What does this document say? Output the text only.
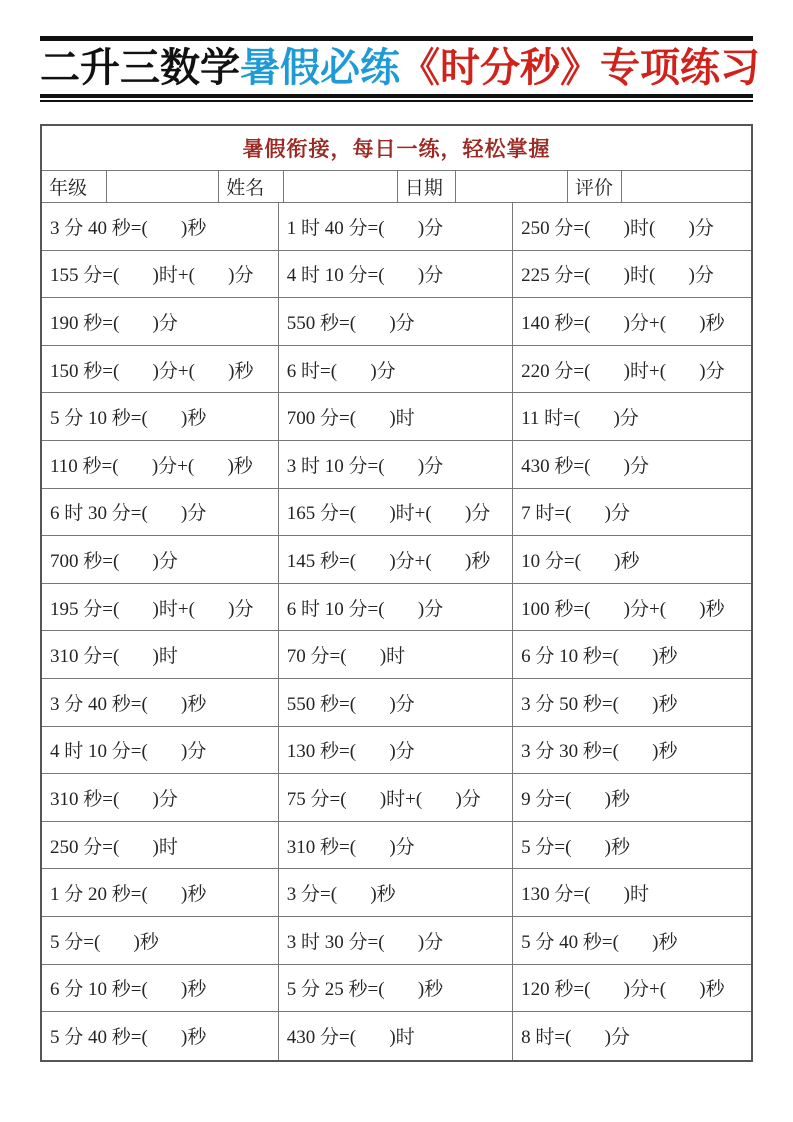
二升三数学暑假必练《时分秒》专项练习
暑假衔接，每日一练，轻松掌握
年级	姓名	日期	评价
3 分 40 秒=(       )秒	1 时 40 分=(       )分	250 分=(       )时(       )分
155 分=(       )时+(       )分	4 时 10 分=(       )分	225 分=(       )时(       )分
190 秒=(       )分	550 秒=(       )分	140 秒=(       )分+(       )秒
150 秒=(       )分+(       )秒	6 时=(       )分	220 分=(       )时+(       )分
5 分 10 秒=(       )秒	700 分=(       )时	11 时=(       )分
110 秒=(       )分+(       )秒	3 时 10 分=(       )分	430 秒=(       )分
6 时 30 分=(       )分	165 分=(       )时+(       )分	7 时=(       )分
700 秒=(       )分	145 秒=(       )分+(       )秒	10 分=(       )秒
195 分=(       )时+(       )分	6 时 10 分=(       )分	100 秒=(       )分+(       )秒
310 分=(       )时	70 分=(       )时	6 分 10 秒=(       )秒
3 分 40 秒=(       )秒	550 秒=(       )分	3 分 50 秒=(       )秒
4 时 10 分=(       )分	130 秒=(       )分	3 分 30 秒=(       )秒
310 秒=(       )分	75 分=(       )时+(       )分	9 分=(       )秒
250 分=(       )时	310 秒=(       )分	5 分=(       )秒
1 分 20 秒=(       )秒	3 分=(       )秒	130 分=(       )时
5 分=(       )秒	3 时 30 分=(       )分	5 分 40 秒=(       )秒
6 分 10 秒=(       )秒	5 分 25 秒=(       )秒	120 秒=(       )分+(       )秒
5 分 40 秒=(       )秒	430 分=(       )时	8 时=(       )分
